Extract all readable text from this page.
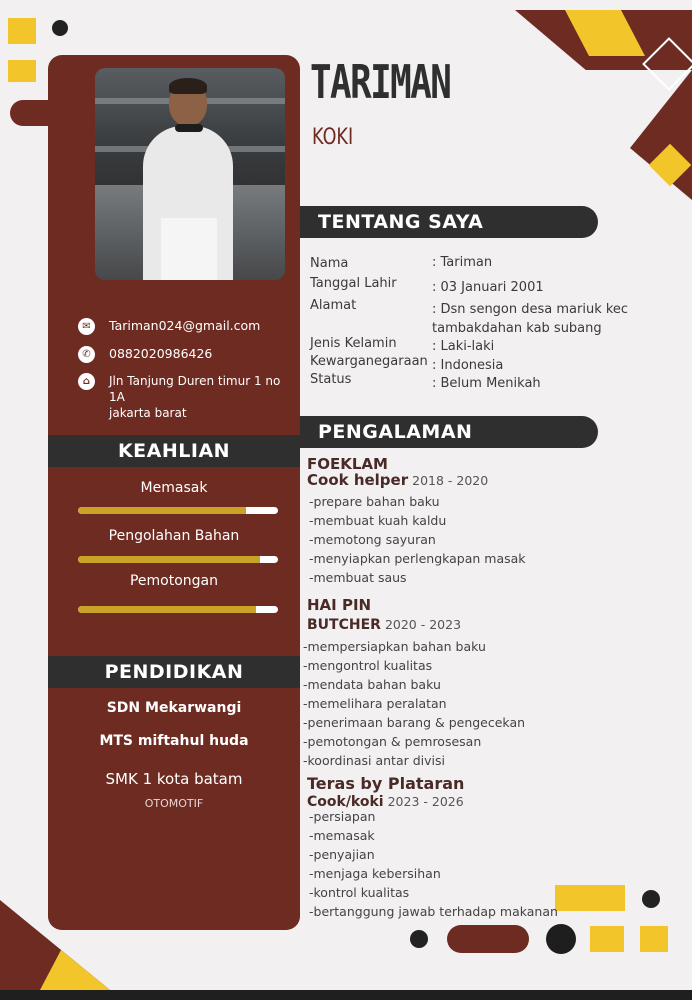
✉	Tariman024@gmail.com
✆	0882020986426
⌂	Jln Tanjung Duren timur 1 no
1A
jakarta barat
KEAHLIAN
Memasak
Pengolahan Bahan
Pemotongan
PENDIDIKAN
SDN Mekarwangi
MTS miftahul huda
SMK 1 kota batam
OTOMOTIF
TARIMAN
KOKI
TENTANG SAYA
Nama	: Tariman
Tanggal Lahir	: 03 Januari 2001
Alamat	: Dsn sengon desa mariuk kec
tambakdahan kab subang
Jenis Kelamin	: Laki-laki
Kewarganegaraan : Indonesia
Status	: Belum Menikah
PENGALAMAN
FOEKLAM
Cook helper 2018 - 2020
-prepare bahan baku
-membuat kuah kaldu
-memotong sayuran
-menyiapkan perlengkapan masak
-membuat saus
HAI PIN
BUTCHER 2020 - 2023
-mempersiapkan bahan baku
-mengontrol kualitas
-mendata bahan baku
-memelihara peralatan
-penerimaan barang & pengecekan
-pemotongan & pemrosesan
-koordinasi antar divisi
Teras by Plataran
Cook/koki 2023 - 2026
-persiapan
-memasak
-penyajian
-menjaga kebersihan
-kontrol kualitas
-bertanggung jawab terhadap makanan
